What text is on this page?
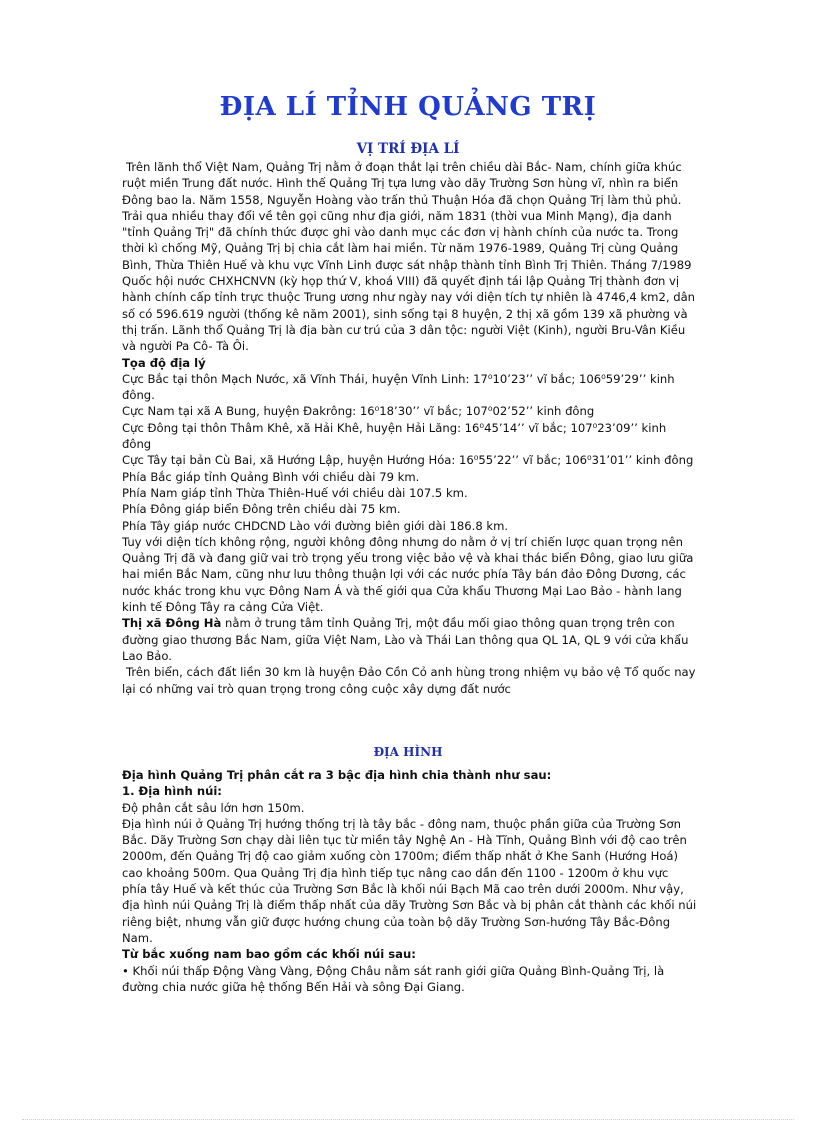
ĐỊA LÍ TỈNH QUẢNG TRỊ
VỊ TRÍ ĐỊA LÍ

Trên lãnh thổ Việt Nam, Quảng Trị nằm ở đoạn thắt lại trên chiều dài Bắc- Nam, chính giữa khúc ruột miền Trung đất nước. Hình thế Quảng Trị tựa lưng vào dãy Trường Sơn hùng vĩ, nhìn ra biển Đông bao la. Năm 1558, Nguyễn Hoàng vào trấn thủ Thuận Hóa đã chọn Quảng Trị làm thủ phủ. Trải qua nhiều thay đổi về tên gọi cũng như địa giới, năm 1831 (thời vua Minh Mạng), địa danh "tỉnh Quảng Trị" đã chính thức được ghi vào danh mục các đơn vị hành chính của nước ta. Trong thời kì chống Mỹ, Quảng Trị bị chia cắt làm hai miền. Từ năm 1976-1989, Quảng Trị cùng Quảng Bình, Thừa Thiên Huế và khu vực Vĩnh Linh được sát nhập thành tỉnh Bình Trị Thiên. Tháng 7/1989 Quốc hội nước CHXHCNVN (kỳ họp thứ V, khoá VIII) đã quyết định tái lập Quảng Trị thành đơn vị hành chính cấp tỉnh trực thuộc Trung ương như ngày nay với diện tích tự nhiên là 4746,4 km2, dân số có 596.619 người (thống kê năm 2001), sinh sống tại 8 huyện, 2 thị xã gồm 139 xã phường và thị trấn. Lãnh thổ Quảng Trị là địa bàn cư trú của 3 dân tộc: người Việt (Kinh), người Bru-Vân Kiều và người Pa Cô- Tà Ôi.

Tọa độ địa lý

Cực Bắc tại thôn Mạch Nước, xã Vĩnh Thái, huyện Vĩnh Linh: 17⁰10’23’’ vĩ bắc; 106⁰59’29’’ kinh đông.

Cực Nam tại xã A Bung, huyện Đakrông: 16⁰18’30’’ vĩ bắc; 107⁰02’52’’ kinh đông

Cực Đông tại thôn Thâm Khê, xã Hải Khê, huyện Hải Lăng: 16⁰45’14’’ vĩ bắc; 107⁰23’09’’ kinh đông

Cực Tây tại bản Cù Bai, xã Hướng Lập, huyện Hướng Hóa: 16⁰55’22’’ vĩ bắc; 106⁰31’01’’ kinh đông

Phía Bắc giáp tỉnh Quảng Bình với chiều dài 79 km.

Phía Nam giáp tỉnh Thừa Thiên-Huế với chiều dài 107.5 km.

Phía Đông giáp biển Đông trên chiều dài 75 km.

Phía Tây giáp nước CHDCND Lào với đường biên giới dài 186.8 km.

Tuy với diện tích không rộng, người không đông nhưng do nằm ở vị trí chiến lược quan trọng nên Quảng Trị đã và đang giữ vai trò trọng yếu trong việc bảo vệ và khai thác biển Đông, giao lưu giữa hai miền Bắc Nam, cũng như lưu thông thuận lợi với các nước phía Tây bán đảo Đông Dương, các nước khác trong khu vực Đông Nam Á và thế giới qua Cửa khẩu Thương Mại Lao Bảo - hành lang kinh tế Đông Tây ra cảng Cửa Việt.

Thị xã Đông Hà nằm ở trung tâm tỉnh Quảng Trị, một đầu mối giao thông quan trọng trên con đường giao thương Bắc Nam, giữa Việt Nam, Lào và Thái Lan thông qua QL 1A, QL 9 với cửa khẩu Lao Bảo.

Trên biển, cách đất liền 30 km là huyện Đảo Cồn Cỏ anh hùng trong nhiệm vụ bảo vệ Tổ quốc nay lại có những vai trò quan trọng trong công cuộc xây dựng đất nước

ĐỊA HÌNH

Địa hình Quảng Trị phân cắt ra 3 bậc địa hình chia thành như sau:

1. Địa hình núi:

Độ phân cắt sâu lớn hơn 150m.

Địa hình núi ở Quảng Trị hướng thống trị là tây bắc - đông nam, thuộc phần giữa của Trường Sơn Bắc. Dãy Trường Sơn chạy dài liên tục từ miền tây Nghệ An - Hà Tĩnh, Quảng Bình với độ cao trên 2000m, đến Quảng Trị độ cao giảm xuống còn 1700m; điểm thấp nhất ở Khe Sanh (Hướng Hoá) cao khoảng 500m. Qua Quảng Trị địa hình tiếp tục nâng cao dần đến 1100 - 1200m ở khu vực phía tây Huế và kết thúc của Trường Sơn Bắc là khối núi Bạch Mã cao trên dưới 2000m. Như vậy, địa hình núi Quảng Trị là điểm thấp nhất của dãy Trường Sơn Bắc và bị phân cắt thành các khối núi riêng biệt, nhưng vẫn giữ được hướng chung của toàn bộ dãy Trường Sơn-hướng Tây Bắc-Đông Nam.

Từ bắc xuống nam bao gồm các khối núi sau:

• Khối núi thấp Động Vàng Vàng, Động Châu nằm sát ranh giới giữa Quảng Bình-Quảng Trị, là đường chia nước giữa hệ thống Bến Hải và sông Đại Giang.
